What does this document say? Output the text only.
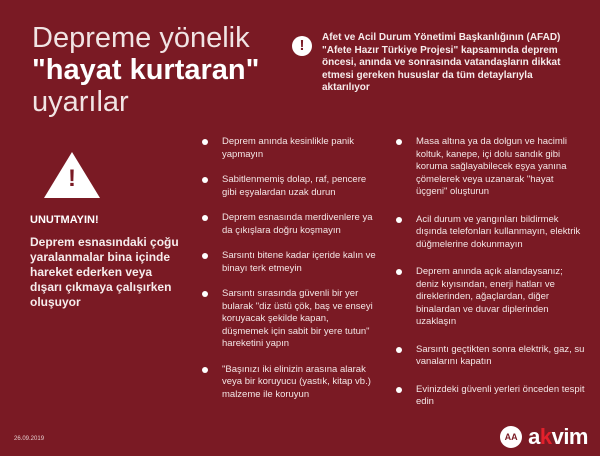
Depreme yönelik
"hayat kurtaran"
uyarılar
!	Afet ve Acil Durum Yönetimi Başkanlığının (AFAD) "Afete Hazır Türkiye Projesi" kapsamında deprem öncesi, anında ve sonrasında vatandaşların dikkat etmesi gereken hususlar da tüm detaylarıyla aktarılıyor
!
UNUTMAYIN!
Deprem esnasındaki çoğu yaralanmalar bina içinde hareket ederken veya dışarı çıkmaya çalışırken oluşuyor
Deprem anında kesinlikle panik yapmayın
Sabitlenmemiş dolap, raf, pencere gibi eşyalardan uzak durun
Deprem esnasında merdivenlere ya da çıkışlara doğru koşmayın
Sarsıntı bitene kadar içeride kalın ve binayı terk etmeyin
Sarsıntı sırasında güvenli bir yer bularak "diz üstü çök, baş ve enseyi koruyacak şekilde kapan, düşmemek için sabit bir yere tutun" hareketini yapın
"Başınızı iki elinizin arasına alarak veya bir koruyucu (yastık, kitap vb.) malzeme ile koruyun
Masa altına ya da dolgun ve hacimli koltuk, kanepe, içi dolu sandık gibi koruma sağlayabilecek eşya yanına çömelerek veya uzanarak "hayat üçgeni" oluşturun
Acil durum ve yangınları bildirmek dışında telefonları kullanmayın, elektrik düğmelerine dokunmayın
Deprem anında açık alandaysanız; deniz kıyısından, enerji hatları ve direklerinden, ağaçlardan, diğer binalardan ve duvar diplerinden uzaklaşın
Sarsıntı geçtikten sonra elektrik, gaz, su vanalarını kapatın
Evinizdeki güvenli yerleri önceden tespit edin
26.09.2019	AA akvim
